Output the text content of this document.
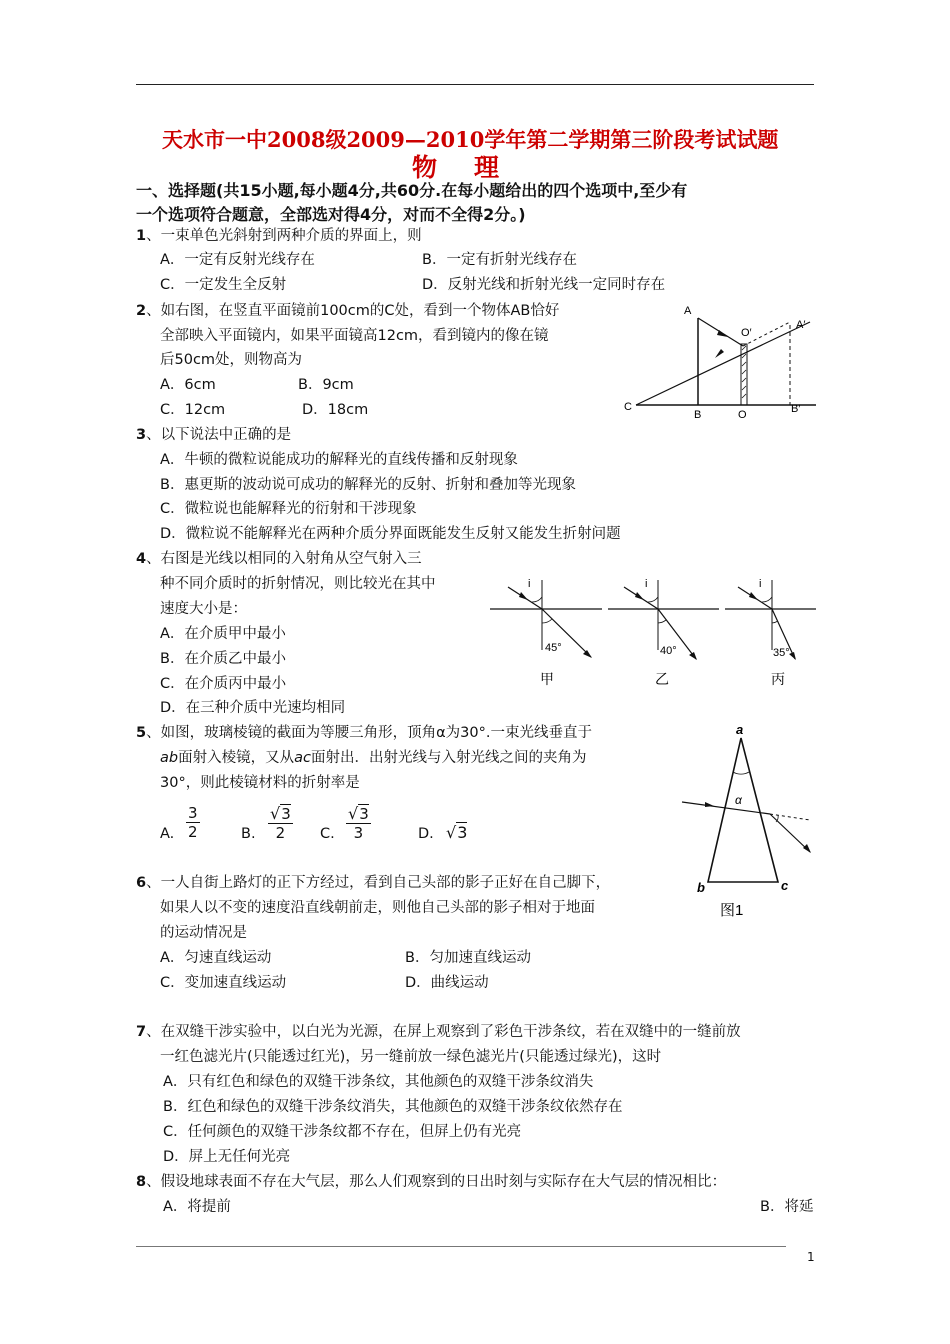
天水市一中2008级2009—2010学年第二学期第三阶段考试试题
物　理
一、选择题(共15小题,每小题4分,共60分.在每小题给出的四个选项中,至少有
一个选项符合题意，全部选对得4分，对而不全得2分。)
1、一束单色光斜射到两种介质的界面上，则
A．一定有反射光线存在	B．一定有折射光线存在
C．一定发生全反射	D．反射光线和折射光线一定同时存在
2、如右图，在竖直平面镜前100cm的C处，看到一个物体AB恰好
全部映入平面镜内，如果平面镜高12cm，看到镜内的像在镜
后50cm处，则物高为
A．6cm	B．9cm
C．12cm	D．18cm
A
O′
A′
C
B	O	B′
3、以下说法中正确的是
A．牛顿的微粒说能成功的解释光的直线传播和反射现象
B．惠更斯的波动说可成功的解释光的反射、折射和叠加等光现象
C．微粒说也能解释光的衍射和干涉现象
D．微粒说不能解释光在两种介质分界面既能发生反射又能发生折射问题
4、右图是光线以相同的入射角从空气射入三
种不同介质时的折射情况，则比较光在其中
速度大小是：
A．在介质甲中最小
B．在介质乙中最小
C．在介质丙中最小
D．在三种介质中光速均相同
i
45°
甲
i
40°
乙
i
35°
丙
5、如图，玻璃棱镜的截面为等腰三角形，顶角α为30°.一束光线垂直于
ab面射入棱镜，又从ac面射出．出射光线与入射光线之间的夹角为
30°，则此棱镜材料的折射率是
A. $\frac{3}{2}$	B. $\frac{√3}{2} C$. $\frac{√3}{3}$	D. √3
a
α
b	c
图1
6、一人自街上路灯的正下方经过，看到自己头部的影子正好在自己脚下，
如果人以不变的速度沿直线朝前走，则他自己头部的影子相对于地面
的运动情况是
A．匀速直线运动	B．匀加速直线运动
C．变加速直线运动	D．曲线运动
7、在双缝干涉实验中，以白光为光源，在屏上观察到了彩色干涉条纹，若在双缝中的一缝前放
一红色滤光片(只能透过红光)，另一缝前放一绿色滤光片(只能透过绿光)，这时
A．只有红色和绿色的双缝干涉条纹，其他颜色的双缝干涉条纹消失
B．红色和绿色的双缝干涉条纹消失，其他颜色的双缝干涉条纹依然存在
C．任何颜色的双缝干涉条纹都不存在，但屏上仍有光亮
D．屏上无任何光亮
8、假设地球表面不存在大气层，那么人们观察到的日出时刻与实际存在大气层的情况相比：
A．将提前	B．将延
1
